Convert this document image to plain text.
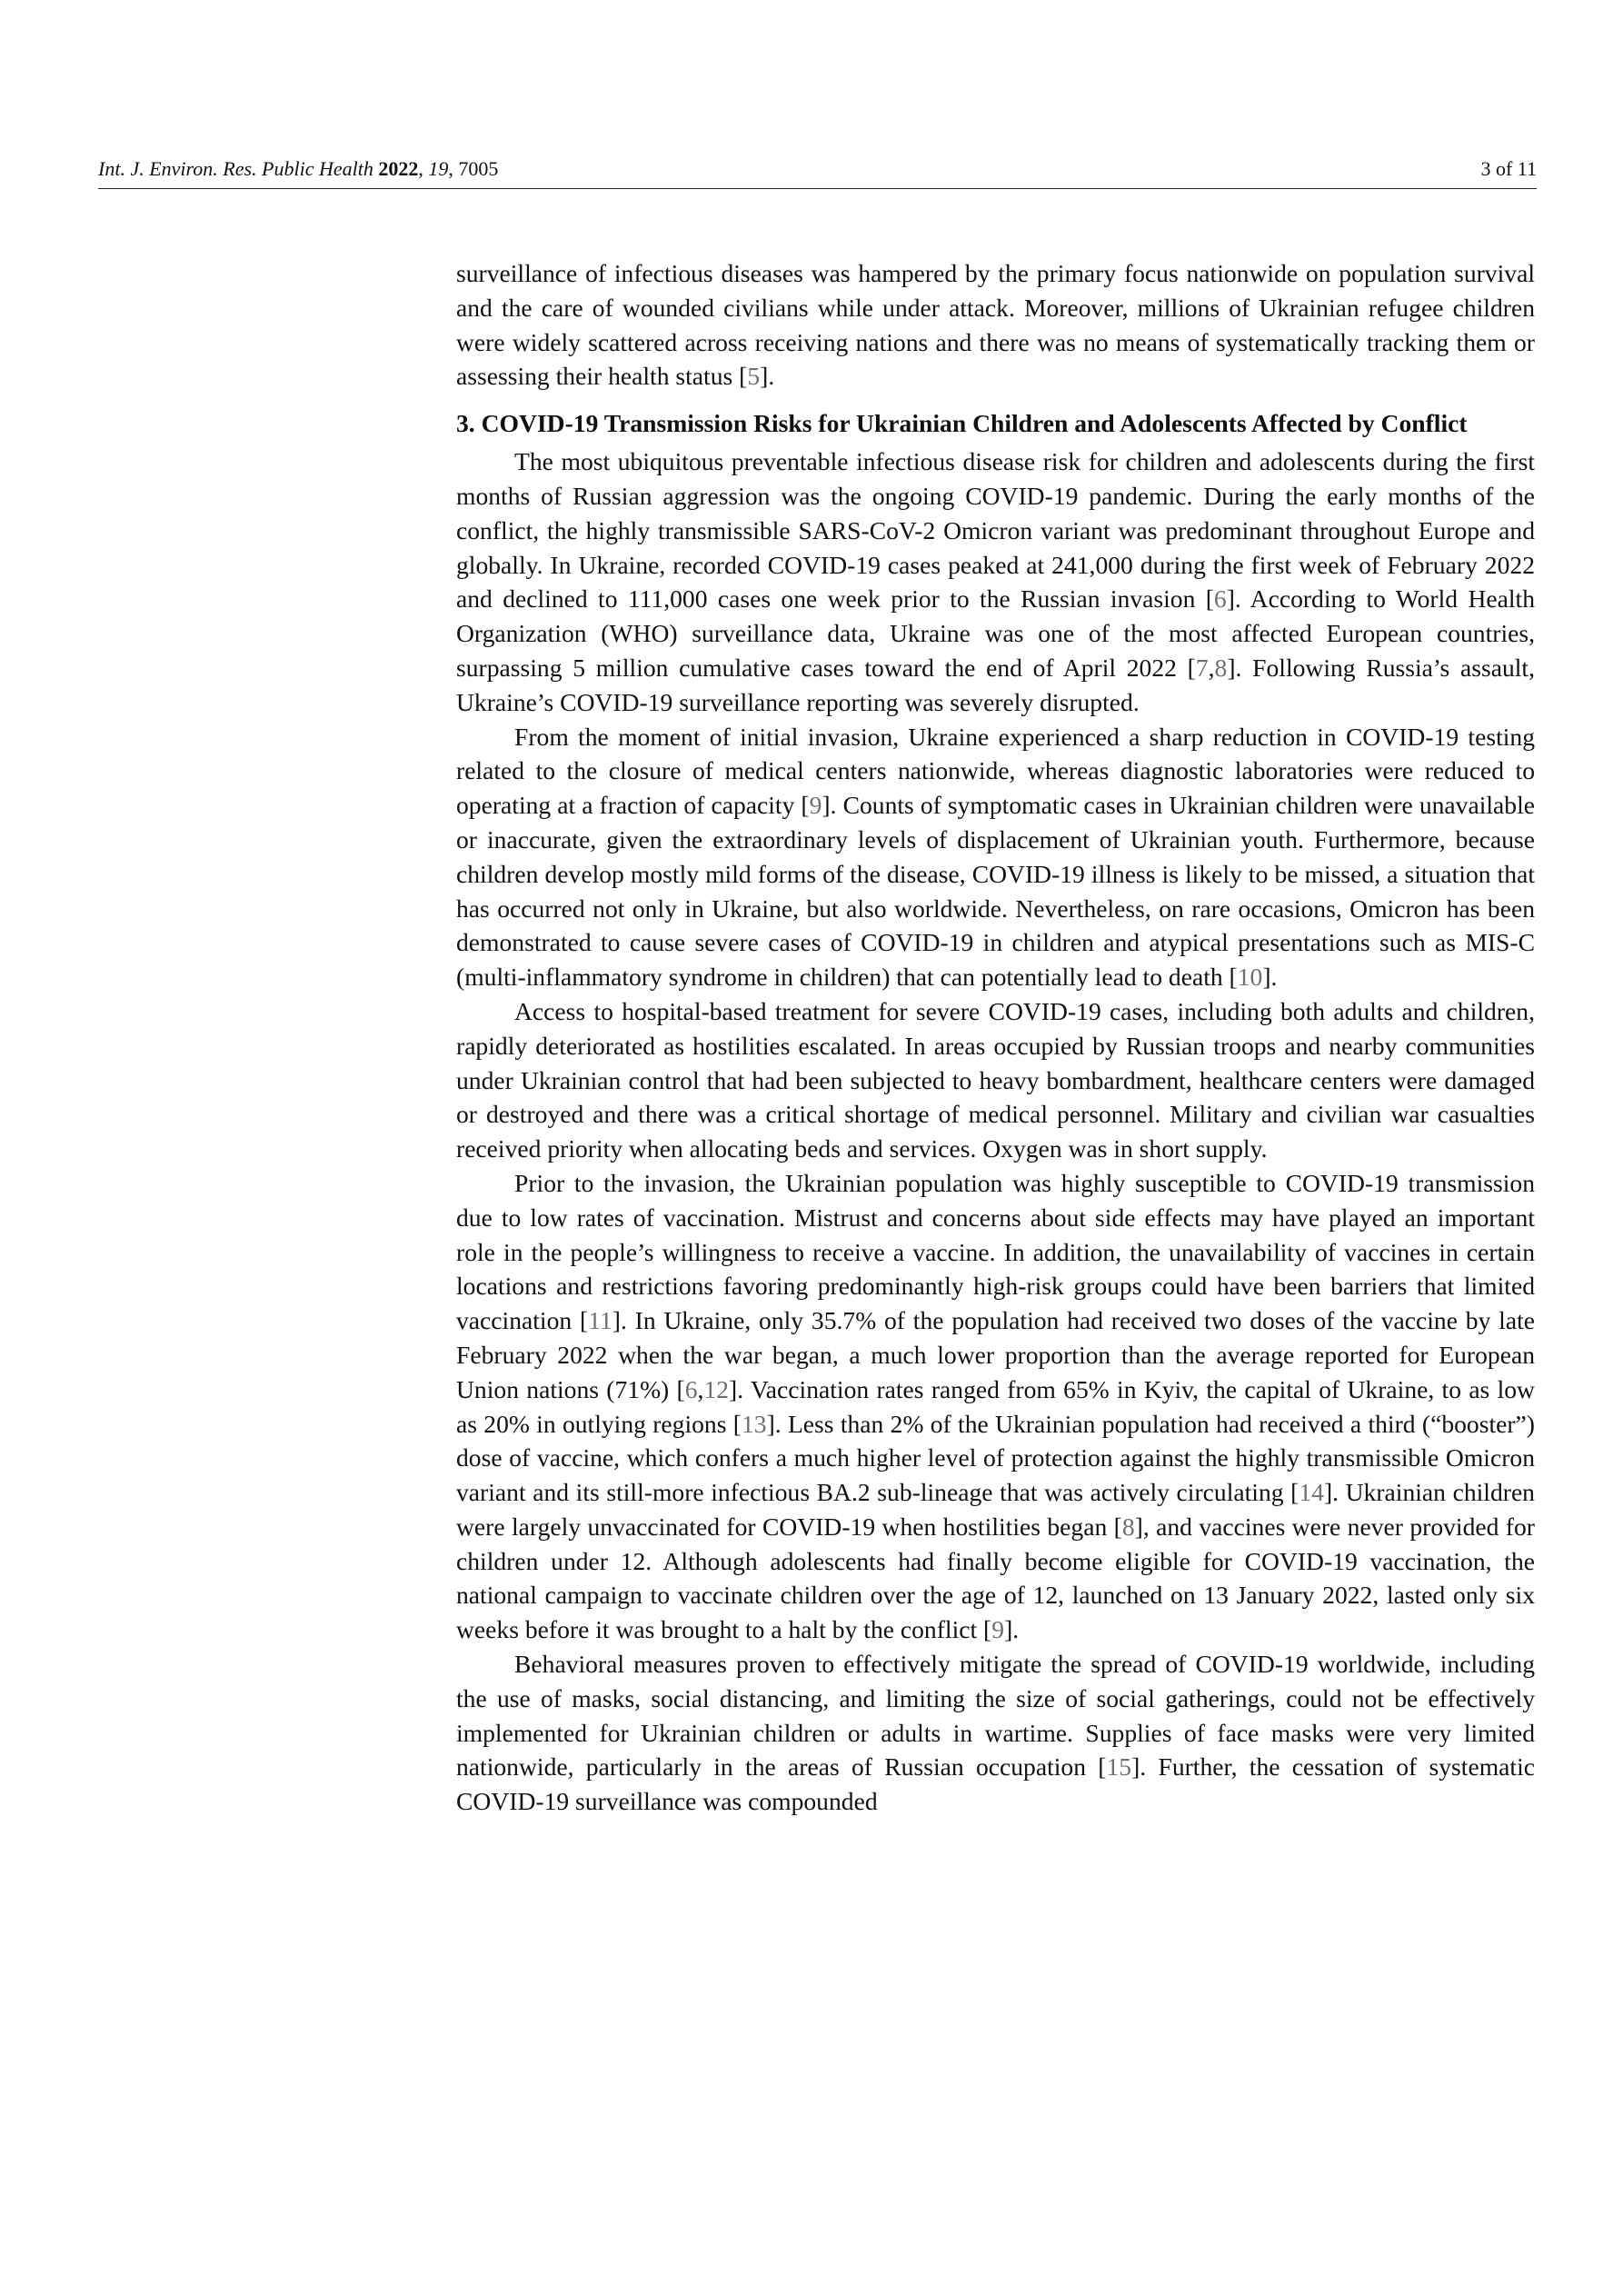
Int. J. Environ. Res. Public Health 2022, 19, 7005	3 of 11

surveillance of infectious diseases was hampered by the primary focus nationwide on population survival and the care of wounded civilians while under attack. Moreover, millions of Ukrainian refugee children were widely scattered across receiving nations and there was no means of systematically tracking them or assessing their health status [5].

3. COVID-19 Transmission Risks for Ukrainian Children and Adolescents Affected by Conflict

The most ubiquitous preventable infectious disease risk for children and adolescents during the first months of Russian aggression was the ongoing COVID-19 pandemic. During the early months of the conflict, the highly transmissible SARS-CoV-2 Omicron variant was predominant throughout Europe and globally. In Ukraine, recorded COVID-19 cases peaked at 241,000 during the first week of February 2022 and declined to 111,000 cases one week prior to the Russian invasion [6]. According to World Health Organization (WHO) surveillance data, Ukraine was one of the most affected European countries, surpassing 5 million cumulative cases toward the end of April 2022 [7,8]. Following Russia’s assault, Ukraine’s COVID-19 surveillance reporting was severely disrupted.

From the moment of initial invasion, Ukraine experienced a sharp reduction in COVID-19 testing related to the closure of medical centers nationwide, whereas diagnostic laboratories were reduced to operating at a fraction of capacity [9]. Counts of symptomatic cases in Ukrainian children were unavailable or inaccurate, given the extraordinary levels of displacement of Ukrainian youth. Furthermore, because children develop mostly mild forms of the disease, COVID-19 illness is likely to be missed, a situation that has occurred not only in Ukraine, but also worldwide. Nevertheless, on rare occasions, Omicron has been demonstrated to cause severe cases of COVID-19 in children and atypical presentations such as MIS-C (multi-inflammatory syndrome in children) that can potentially lead to death [10].

Access to hospital-based treatment for severe COVID-19 cases, including both adults and children, rapidly deteriorated as hostilities escalated. In areas occupied by Russian troops and nearby communities under Ukrainian control that had been subjected to heavy bombardment, healthcare centers were damaged or destroyed and there was a critical shortage of medical personnel. Military and civilian war casualties received priority when allocating beds and services. Oxygen was in short supply.

Prior to the invasion, the Ukrainian population was highly susceptible to COVID-19 transmission due to low rates of vaccination. Mistrust and concerns about side effects may have played an important role in the people’s willingness to receive a vaccine. In addition, the unavailability of vaccines in certain locations and restrictions favoring predominantly high-risk groups could have been barriers that limited vaccination [11]. In Ukraine, only 35.7% of the population had received two doses of the vaccine by late February 2022 when the war began, a much lower proportion than the average reported for European Union nations (71%) [6,12]. Vaccination rates ranged from 65% in Kyiv, the capital of Ukraine, to as low as 20% in outlying regions [13]. Less than 2% of the Ukrainian population had received a third (“booster”) dose of vaccine, which confers a much higher level of protection against the highly transmissible Omicron variant and its still-more infectious BA.2 sub-lineage that was actively circulating [14]. Ukrainian children were largely unvaccinated for COVID-19 when hostilities began [8], and vaccines were never provided for children under 12. Although adolescents had finally become eligible for COVID-19 vaccination, the national campaign to vaccinate children over the age of 12, launched on 13 January 2022, lasted only six weeks before it was brought to a halt by the conflict [9].

Behavioral measures proven to effectively mitigate the spread of COVID-19 worldwide, including the use of masks, social distancing, and limiting the size of social gatherings, could not be effectively implemented for Ukrainian children or adults in wartime. Supplies of face masks were very limited nationwide, particularly in the areas of Russian occupation [15]. Further, the cessation of systematic COVID-19 surveillance was compounded
